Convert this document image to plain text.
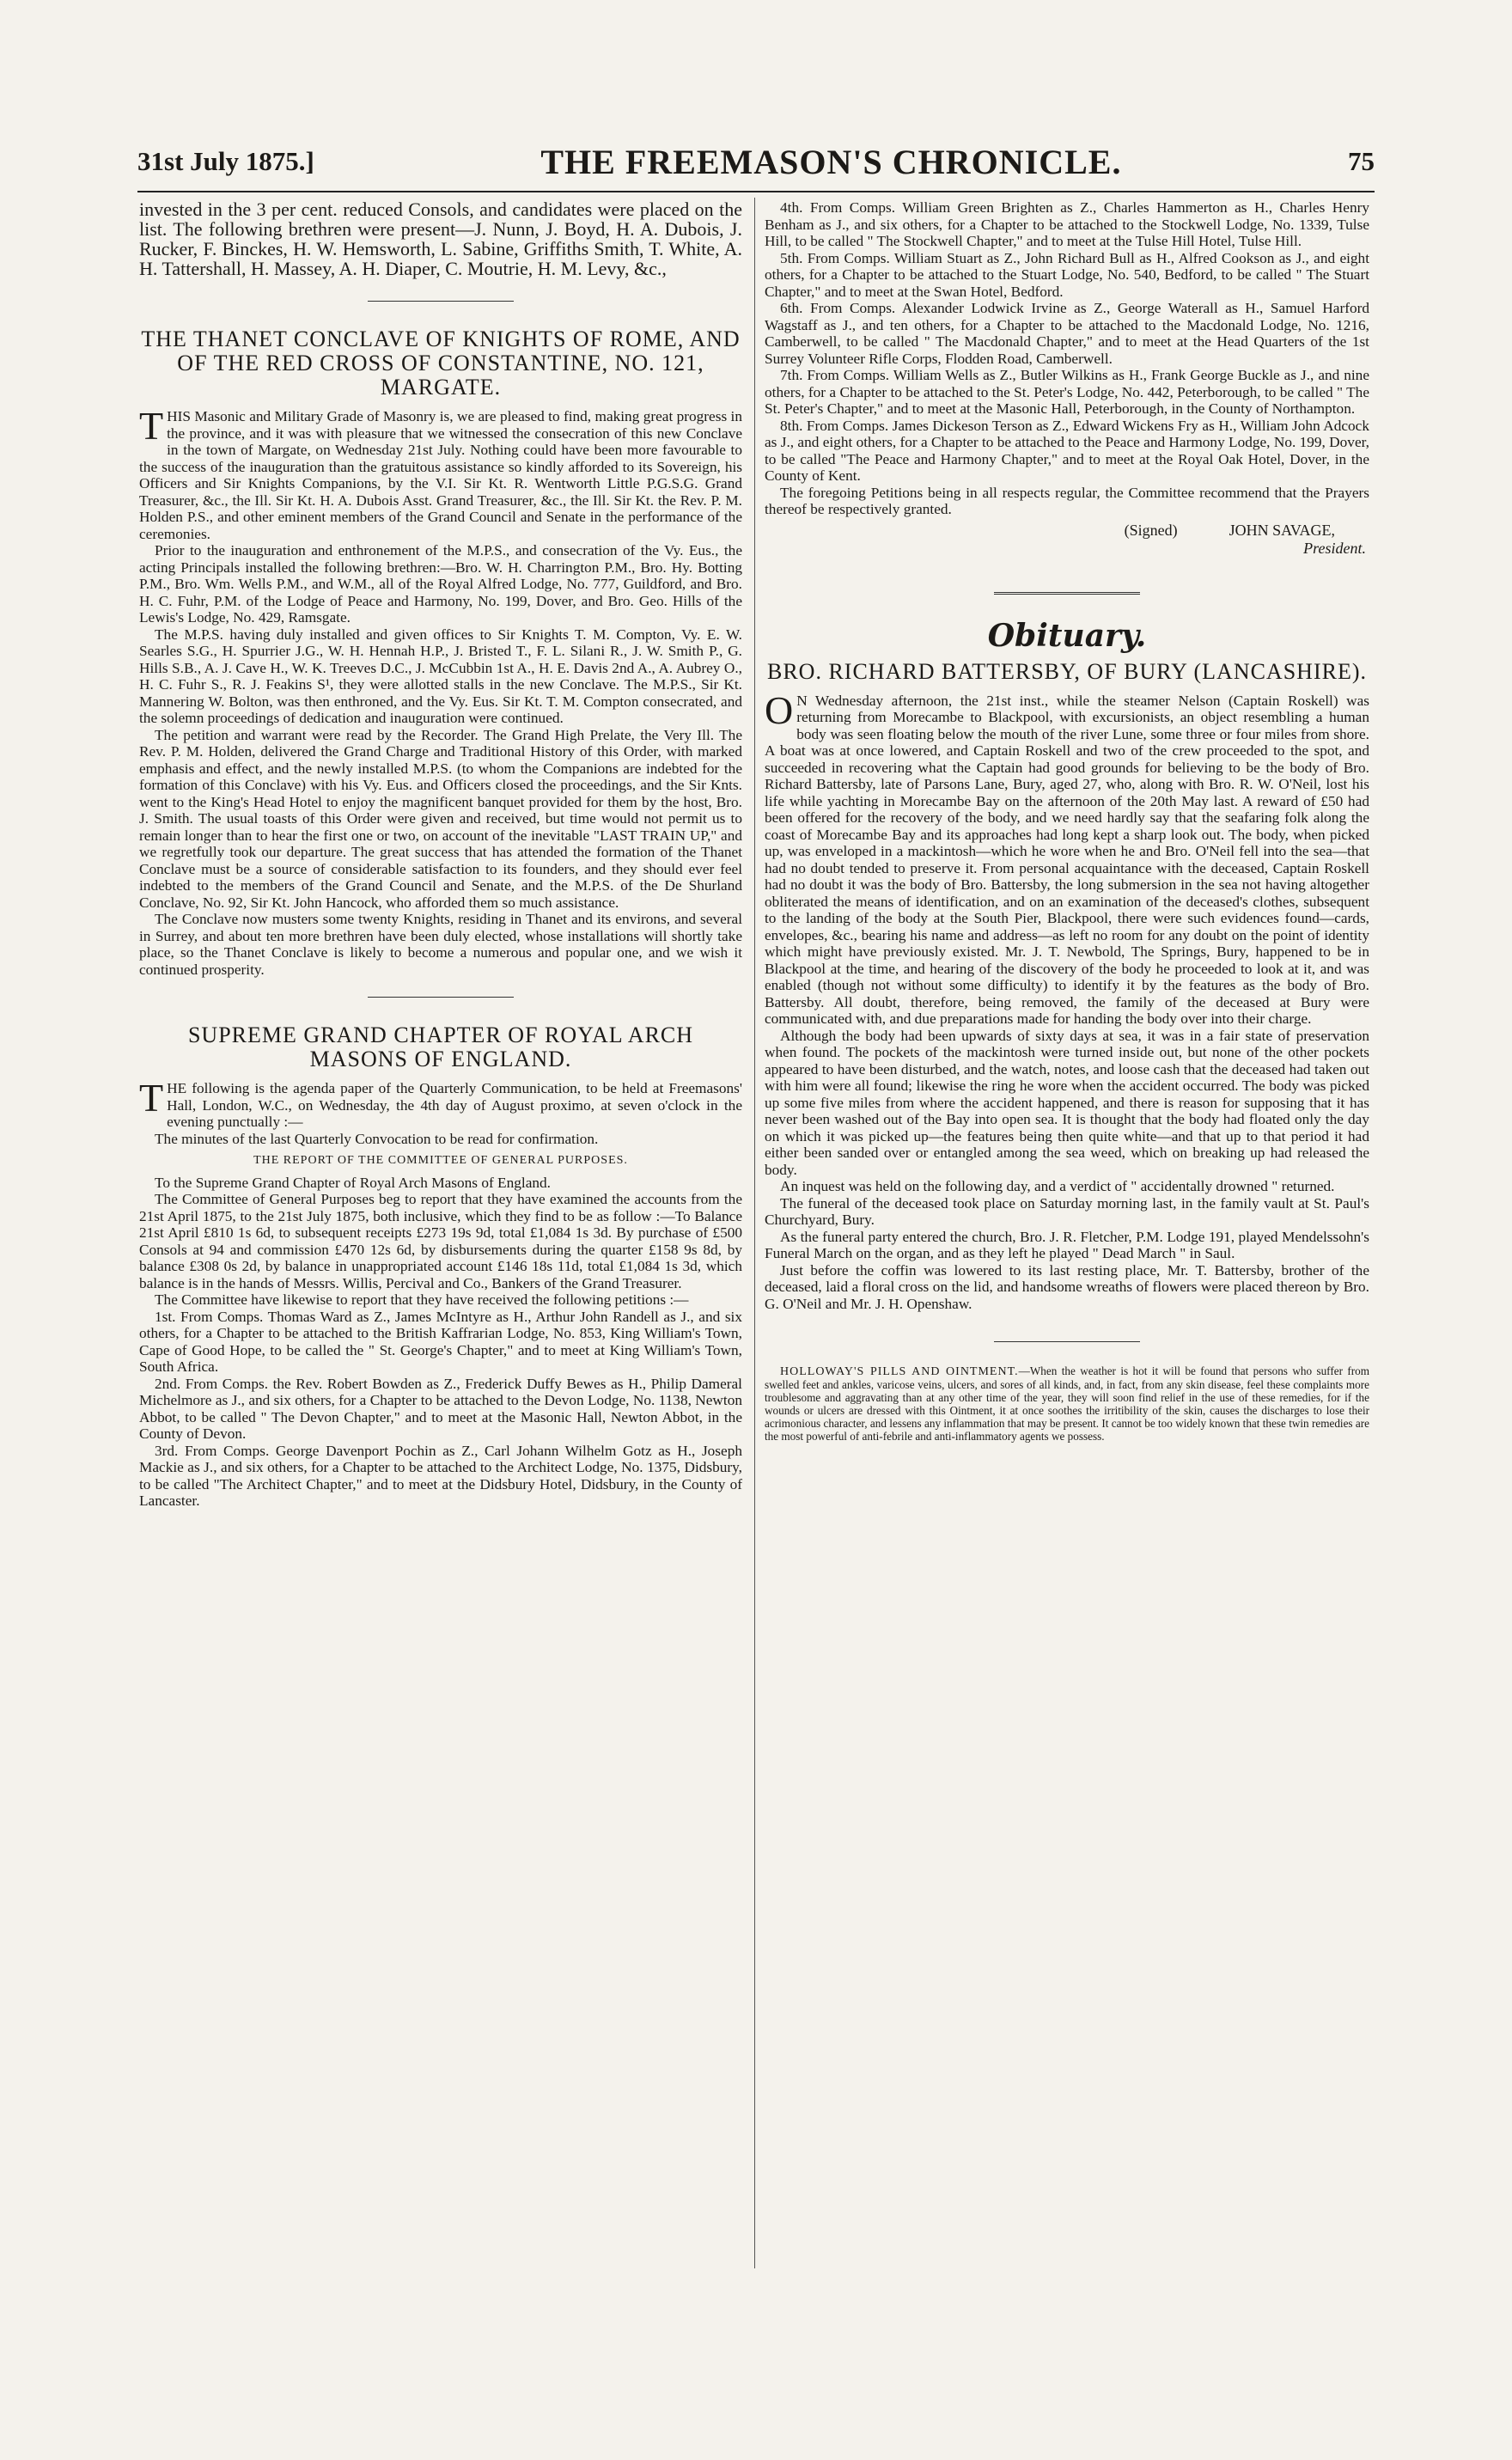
31st July 1875.]	THE FREEMASON'S CHRONICLE.	75

invested in the 3 per cent. reduced Consols, and candidates were placed on the list. The following brethren were present—J. Nunn, J. Boyd, H. A. Dubois, J. Rucker, F. Binckes, H. W. Hemsworth, L. Sabine, Griffiths Smith, T. White, A. H. Tattershall, H. Massey, A. H. Diaper, C. Moutrie, H. M. Levy, &c.,

THE THANET CONCLAVE OF KNIGHTS OF ROME, AND OF THE RED CROSS OF CONSTANTINE, NO. 121, MARGATE.

THIS Masonic and Military Grade of Masonry is, we are pleased to find, making great progress in the province, and it was with pleasure that we witnessed the consecration of this new Conclave in the town of Margate, on Wednesday 21st July. Nothing could have been more favourable to the success of the inauguration than the gratuitous assistance so kindly afforded to its Sovereign, his Officers and Sir Knights Companions, by the V.I. Sir Kt. R. Wentworth Little P.G.S.G. Grand Treasurer, &c., the Ill. Sir Kt. H. A. Dubois Asst. Grand Treasurer, &c., the Ill. Sir Kt. the Rev. P. M. Holden P.S., and other eminent members of the Grand Council and Senate in the performance of the ceremonies.

Prior to the inauguration and enthronement of the M.P.S., and consecration of the Vy. Eus., the acting Principals installed the following brethren:—Bro. W. H. Charrington P.M., Bro. Hy. Botting P.M., Bro. Wm. Wells P.M., and W.M., all of the Royal Alfred Lodge, No. 777, Guildford, and Bro. H. C. Fuhr, P.M. of the Lodge of Peace and Harmony, No. 199, Dover, and Bro. Geo. Hills of the Lewis's Lodge, No. 429, Ramsgate.

The M.P.S. having duly installed and given offices to Sir Knights T. M. Compton, Vy. E. W. Searles S.G., H. Spurrier J.G., W. H. Hennah H.P., J. Bristed T., F. L. Silani R., J. W. Smith P., G. Hills S.B., A. J. Cave H., W. K. Treeves D.C., J. McCubbin 1st A., H. E. Davis 2nd A., A. Aubrey O., H. C. Fuhr S., R. J. Feakins S¹, they were allotted stalls in the new Conclave. The M.P.S., Sir Kt. Mannering W. Bolton, was then enthroned, and the Vy. Eus. Sir Kt. T. M. Compton consecrated, and the solemn proceedings of dedication and inauguration were continued.

The petition and warrant were read by the Recorder. The Grand High Prelate, the Very Ill. The Rev. P. M. Holden, delivered the Grand Charge and Traditional History of this Order, with marked emphasis and effect, and the newly installed M.P.S. (to whom the Companions are indebted for the formation of this Conclave) with his Vy. Eus. and Officers closed the proceedings, and the Sir Knts. went to the King's Head Hotel to enjoy the magnificent banquet provided for them by the host, Bro. J. Smith. The usual toasts of this Order were given and received, but time would not permit us to remain longer than to hear the first one or two, on account of the inevitable "LAST TRAIN UP," and we regretfully took our departure. The great success that has attended the formation of the Thanet Conclave must be a source of considerable satisfaction to its founders, and they should ever feel indebted to the members of the Grand Council and Senate, and the M.P.S. of the De Shurland Conclave, No. 92, Sir Kt. John Hancock, who afforded them so much assistance.

The Conclave now musters some twenty Knights, residing in Thanet and its environs, and several in Surrey, and about ten more brethren have been duly elected, whose installations will shortly take place, so the Thanet Conclave is likely to become a numerous and popular one, and we wish it continued prosperity.

SUPREME GRAND CHAPTER OF ROYAL ARCH MASONS OF ENGLAND.

THE following is the agenda paper of the Quarterly Communication, to be held at Freemasons' Hall, London, W.C., on Wednesday, the 4th day of August proximo, at seven o'clock in the evening punctually :—

The minutes of the last Quarterly Convocation to be read for confirmation.

THE REPORT OF THE COMMITTEE OF GENERAL PURPOSES.

To the Supreme Grand Chapter of Royal Arch Masons of England.

The Committee of General Purposes beg to report that they have examined the accounts from the 21st April 1875, to the 21st July 1875, both inclusive, which they find to be as follow :—To Balance 21st April £810 1s 6d, to subsequent receipts £273 19s 9d, total £1,084 1s 3d. By purchase of £500 Consols at 94 and commission £470 12s 6d, by disbursements during the quarter £158 9s 8d, by balance £308 0s 2d, by balance in unappropriated account £146 18s 11d, total £1,084 1s 3d, which balance is in the hands of Messrs. Willis, Percival and Co., Bankers of the Grand Treasurer.

The Committee have likewise to report that they have received the following petitions :—

1st. From Comps. Thomas Ward as Z., James McIntyre as H., Arthur John Randell as J., and six others, for a Chapter to be attached to the British Kaffrarian Lodge, No. 853, King William's Town, Cape of Good Hope, to be called the " St. George's Chapter," and to meet at King William's Town, South Africa.

2nd. From Comps. the Rev. Robert Bowden as Z., Frederick Duffy Bewes as H., Philip Dameral Michelmore as J., and six others, for a Chapter to be attached to the Devon Lodge, No. 1138, Newton Abbot, to be called " The Devon Chapter," and to meet at the Masonic Hall, Newton Abbot, in the County of Devon.

3rd. From Comps. George Davenport Pochin as Z., Carl Johann Wilhelm Gotz as H., Joseph Mackie as J., and six others, for a Chapter to be attached to the Architect Lodge, No. 1375, Didsbury, to be called "The Architect Chapter," and to meet at the Didsbury Hotel, Didsbury, in the County of Lancaster.

4th. From Comps. William Green Brighten as Z., Charles Hammerton as H., Charles Henry Benham as J., and six others, for a Chapter to be attached to the Stockwell Lodge, No. 1339, Tulse Hill, to be called " The Stockwell Chapter," and to meet at the Tulse Hill Hotel, Tulse Hill.

5th. From Comps. William Stuart as Z., John Richard Bull as H., Alfred Cookson as J., and eight others, for a Chapter to be attached to the Stuart Lodge, No. 540, Bedford, to be called " The Stuart Chapter," and to meet at the Swan Hotel, Bedford.

6th. From Comps. Alexander Lodwick Irvine as Z., George Waterall as H., Samuel Harford Wagstaff as J., and ten others, for a Chapter to be attached to the Macdonald Lodge, No. 1216, Camberwell, to be called " The Macdonald Chapter," and to meet at the Head Quarters of the 1st Surrey Volunteer Rifle Corps, Flodden Road, Camberwell.

7th. From Comps. William Wells as Z., Butler Wilkins as H., Frank George Buckle as J., and nine others, for a Chapter to be attached to the St. Peter's Lodge, No. 442, Peterborough, to be called " The St. Peter's Chapter," and to meet at the Masonic Hall, Peterborough, in the County of Northampton.

8th. From Comps. James Dickeson Terson as Z., Edward Wickens Fry as H., William John Adcock as J., and eight others, for a Chapter to be attached to the Peace and Harmony Lodge, No. 199, Dover, to be called "The Peace and Harmony Chapter," and to meet at the Royal Oak Hotel, Dover, in the County of Kent.

The foregoing Petitions being in all respects regular, the Committee recommend that the Prayers thereof be respectively granted.

(Signed)	JOHN SAVAGE,
President.
Obituary.
BRO. RICHARD BATTERSBY, OF BURY (LANCASHIRE).

O N Wednesday afternoon, the 21st inst., while the steamer Nelson (Captain Roskell) was returning from Morecambe to Blackpool, with excursionists, an object resembling a human body was seen floating below the mouth of the river Lune, some three or four miles from shore. A boat was at once lowered, and Captain Roskell and two of the crew proceeded to the spot, and succeeded in recovering what the Captain had good grounds for believing to be the body of Bro. Richard Battersby, late of Parsons Lane, Bury, aged 27, who, along with Bro. R. W. O'Neil, lost his life while yachting in Morecambe Bay on the afternoon of the 20th May last. A reward of £50 had been offered for the recovery of the body, and we need hardly say that the seafaring folk along the coast of Morecambe Bay and its approaches had long kept a sharp look out. The body, when picked up, was enveloped in a mackintosh—which he wore when he and Bro. O'Neil fell into the sea—that had no doubt tended to preserve it. From personal acquaintance with the deceased, Captain Roskell had no doubt it was the body of Bro. Battersby, the long submersion in the sea not having altogether obliterated the means of identification, and on an examination of the deceased's clothes, subsequent to the landing of the body at the South Pier, Blackpool, there were such evidences found—cards, envelopes, &c., bearing his name and address—as left no room for any doubt on the point of identity which might have previously existed. Mr. J. T. Newbold, The Springs, Bury, happened to be in Blackpool at the time, and hearing of the discovery of the body he proceeded to look at it, and was enabled (though not without some difficulty) to identify it by the features as the body of Bro. Battersby. All doubt, therefore, being removed, the family of the deceased at Bury were communicated with, and due preparations made for handing the body over into their charge.

Although the body had been upwards of sixty days at sea, it was in a fair state of preservation when found. The pockets of the mackintosh were turned inside out, but none of the other pockets appeared to have been disturbed, and the watch, notes, and loose cash that the deceased had taken out with him were all found; likewise the ring he wore when the accident occurred. The body was picked up some five miles from where the accident happened, and there is reason for supposing that it has never been washed out of the Bay into open sea. It is thought that the body had floated only the day on which it was picked up—the features being then quite white—and that up to that period it had either been sanded over or entangled among the sea weed, which on breaking up had released the body.

An inquest was held on the following day, and a verdict of " accidentally drowned " returned.

The funeral of the deceased took place on Saturday morning last, in the family vault at St. Paul's Churchyard, Bury.

As the funeral party entered the church, Bro. J. R. Fletcher, P.M. Lodge 191, played Mendelssohn's Funeral March on the organ, and as they left he played " Dead March " in Saul.

Just before the coffin was lowered to its last resting place, Mr. T. Battersby, brother of the deceased, laid a floral cross on the lid, and handsome wreaths of flowers were placed thereon by Bro. G. O'Neil and Mr. J. H. Openshaw.

HOLLOWAY'S PILLS AND OINTMENT.—When the weather is hot it will be found that persons who suffer from swelled feet and ankles, varicose veins, ulcers, and sores of all kinds, and, in fact, from any skin disease, feel these complaints more troublesome and aggravating than at any other time of the year, they will soon find relief in the use of these remedies, for if the wounds or ulcers are dressed with this Ointment, it at once soothes the irritibility of the skin, causes the discharges to lose their acrimonious character, and lessens any inflammation that may be present. It cannot be too widely known that these twin remedies are the most powerful of anti-febrile and anti-inflammatory agents we possess.
